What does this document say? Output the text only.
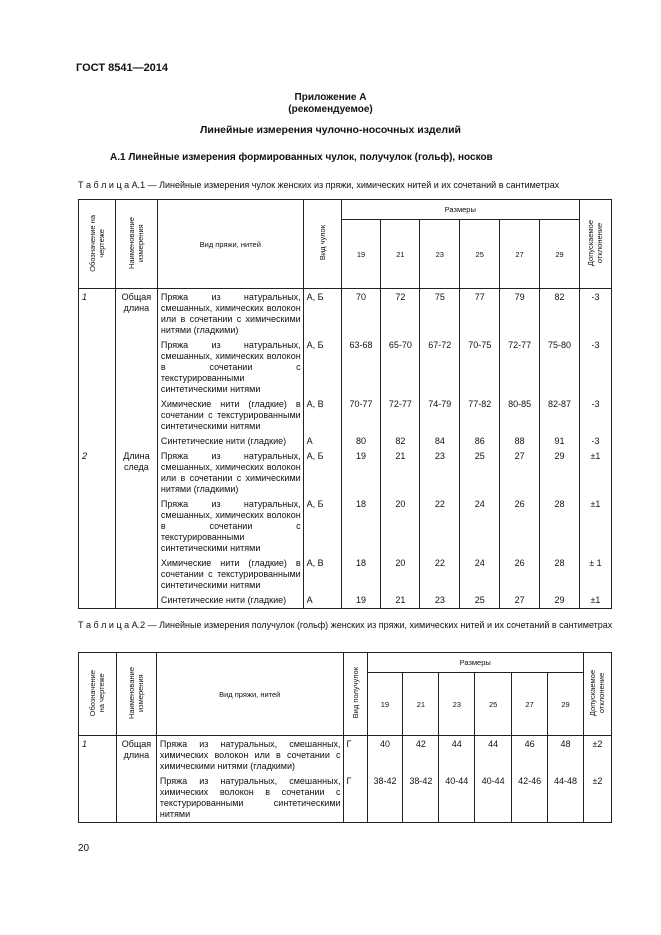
ГОСТ 8541—2014
Приложение А
(рекомендуемое)
Линейные измерения чулочно-носочных изделий
А.1 Линейные измерения формированных чулок, получулок (гольф), носков
Т а б л и ц а А.1 — Линейные измерения чулок женских из пряжи, химических нитей и их сочетаний в сантиметрах
Обозначение на
чертеже	Наименование
измерения	Вид пряжи, нитей	Вид чулок	Размеры						Допускаемое
отклонение
				19	21	23	25	27	29	
1	Общая длина	Пряжа из натуральных, смешанных, химических волокон или в сочетании с химическими нитями (гладкими)	А, Б	70	72	75	77	79	82	-3
		Пряжа из натуральных, смешанных, химических волокон в сочетании с текстурированными синтетическими нитями	А, Б	63-68	65-70	67-72	70-75	72-77	75-80	-3
		Химические нити (гладкие) в сочетании с текстурированными синтетическими нитями	А, В	70-77	72-77	74-79	77-82	80-85	82-87	-3
		Синтетические нити (гладкие)	А	80	82	84	86	88	91	-3
2	Длина следа	Пряжа из натуральных, смешанных, химических волокон или в сочетании с химическими нитями (гладкими)	А, Б	19	21	23	25	27	29	±1
		Пряжа из натуральных, смешанных, химических волокон в сочетании с текстурированными синтетическими нитями	А, Б	18	20	22	24	26	28	±1
		Химические нити (гладкие) в сочетании с текстурированными синтетическими нитями	А, В	18	20	22	24	26	28	± 1
		Синтетические нити (гладкие)	А	19	21	23	25	27	29	±1
Т а б л и ц а А.2 — Линейные измерения получулок (гольф) женских из пряжи, химических нитей и их сочетаний в сантиметрах
Обозначение
на чертеже	Наименование
измерения	Вид пряжи, нитей	Вид получулок	Размеры						Допускаемое
отклонение
				19	21	23	25	27	29	
1	Общая длина	Пряжа из натуральных, смешанных, химических волокон или в сочетании с химическими нитями (гладкими)	Г	40	42	44	44	46	48	±2
		Пряжа из натуральных, смешанных, химических волокон в сочетании с текстурированными синтетическими нитями	Г	38-42	38-42	40-44	40-44	42-46	44-48	±2
20
